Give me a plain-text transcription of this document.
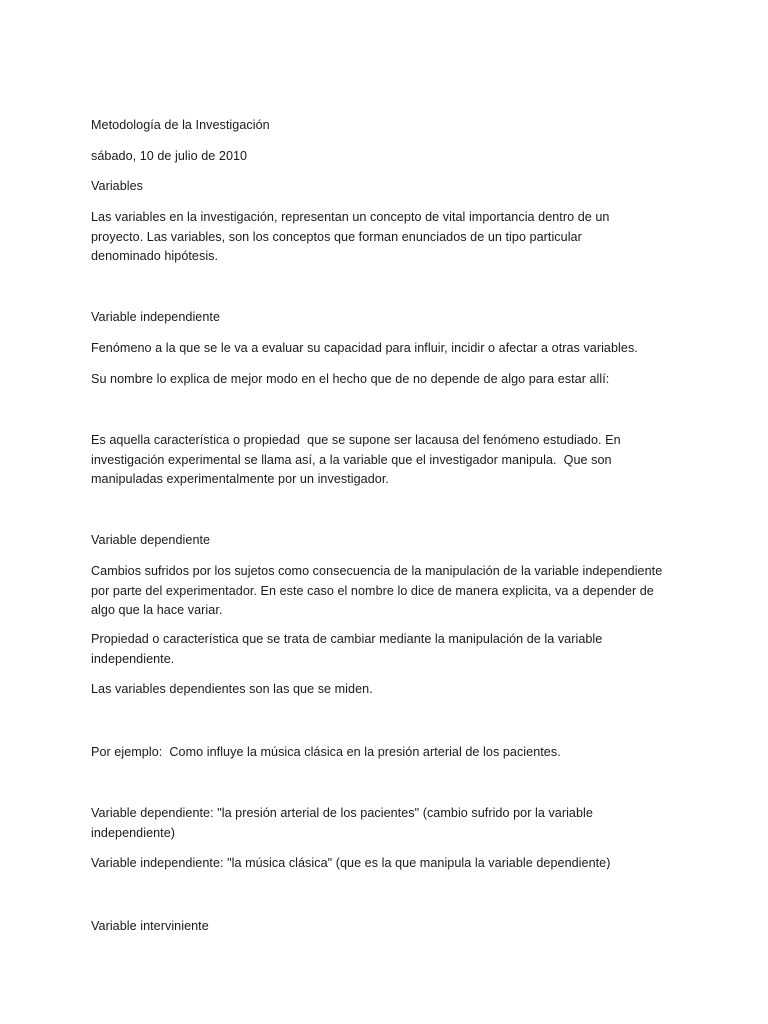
Metodología de la Investigación

sábado, 10 de julio de 2010

Variables

Las variables en la investigación, representan un concepto de vital importancia dentro de un proyecto. Las variables, son los conceptos que forman enunciados de un tipo particular denominado hipótesis.

Variable independiente

Fenómeno a la que se le va a evaluar su capacidad para influir, incidir o afectar a otras variables.

Su nombre lo explica de mejor modo en el hecho que de no depende de algo para estar allí:

Es aquella característica o propiedad  que se supone ser lacausa del fenómeno estudiado. En investigación experimental se llama así, a la variable que el investigador manipula.  Que son manipuladas experimentalmente por un investigador.

Variable dependiente

Cambios sufridos por los sujetos como consecuencia de la manipulación de la variable independiente por parte del experimentador. En este caso el nombre lo dice de manera explicita, va a depender de algo que la hace variar.

Propiedad o característica que se trata de cambiar mediante la manipulación de la variable independiente.

Las variables dependientes son las que se miden.

Por ejemplo:  Como influye la música clásica en la presión arterial de los pacientes.

Variable dependiente: "la presión arterial de los pacientes" (cambio sufrido por la variable independiente)

Variable independiente: "la música clásica" (que es la que manipula la variable dependiente)

Variable interviniente
